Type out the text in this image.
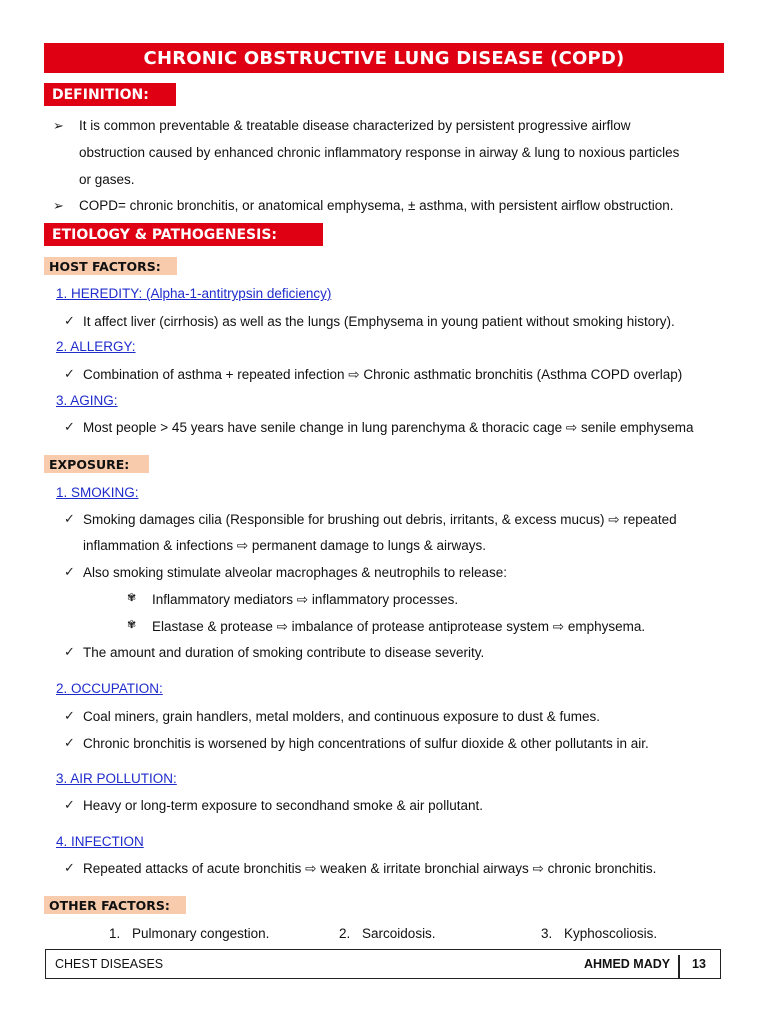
CHRONIC OBSTRUCTIVE LUNG DISEASE (COPD)
DEFINITION:
➢ It is common preventable & treatable disease characterized by persistent progressive airflow
obstruction caused by enhanced chronic inflammatory response in airway & lung to noxious particles
or gases.
➢ COPD= chronic bronchitis, or anatomical emphysema, ± asthma, with persistent airflow obstruction.
ETIOLOGY & PATHOGENESIS:
HOST FACTORS:
1. HEREDITY: (Alpha-1-antitrypsin deficiency)
✓ It affect liver (cirrhosis) as well as the lungs (Emphysema in young patient without smoking history).
2. ALLERGY:
✓ Combination of asthma + repeated infection ⇨ Chronic asthmatic bronchitis (Asthma COPD overlap)
3. AGING:
✓ Most people > 45 years have senile change in lung parenchyma & thoracic cage ⇨ senile emphysema
EXPOSURE:
1. SMOKING:
✓ Smoking damages cilia (Responsible for brushing out debris, irritants, & excess mucus) ⇨ repeated
inflammation & infections ⇨ permanent damage to lungs & airways.
✓ Also smoking stimulate alveolar macrophages & neutrophils to release:
✾ Inflammatory mediators ⇨ inflammatory processes.
✾ Elastase & protease ⇨ imbalance of protease antiprotease system ⇨ emphysema.
✓ The amount and duration of smoking contribute to disease severity.
2. OCCUPATION:
✓ Coal miners, grain handlers, metal molders, and continuous exposure to dust & fumes.
✓ Chronic bronchitis is worsened by high concentrations of sulfur dioxide & other pollutants in air.
3. AIR POLLUTION:
✓ Heavy or long-term exposure to secondhand smoke & air pollutant.
4. INFECTION
✓ Repeated attacks of acute bronchitis ⇨ weaken & irritate bronchial airways ⇨ chronic bronchitis.
OTHER FACTORS:
1. Pulmonary congestion.	2. Sarcoidosis.	3. Kyphoscoliosis.
CHEST DISEASES	AHMED MADY 13
